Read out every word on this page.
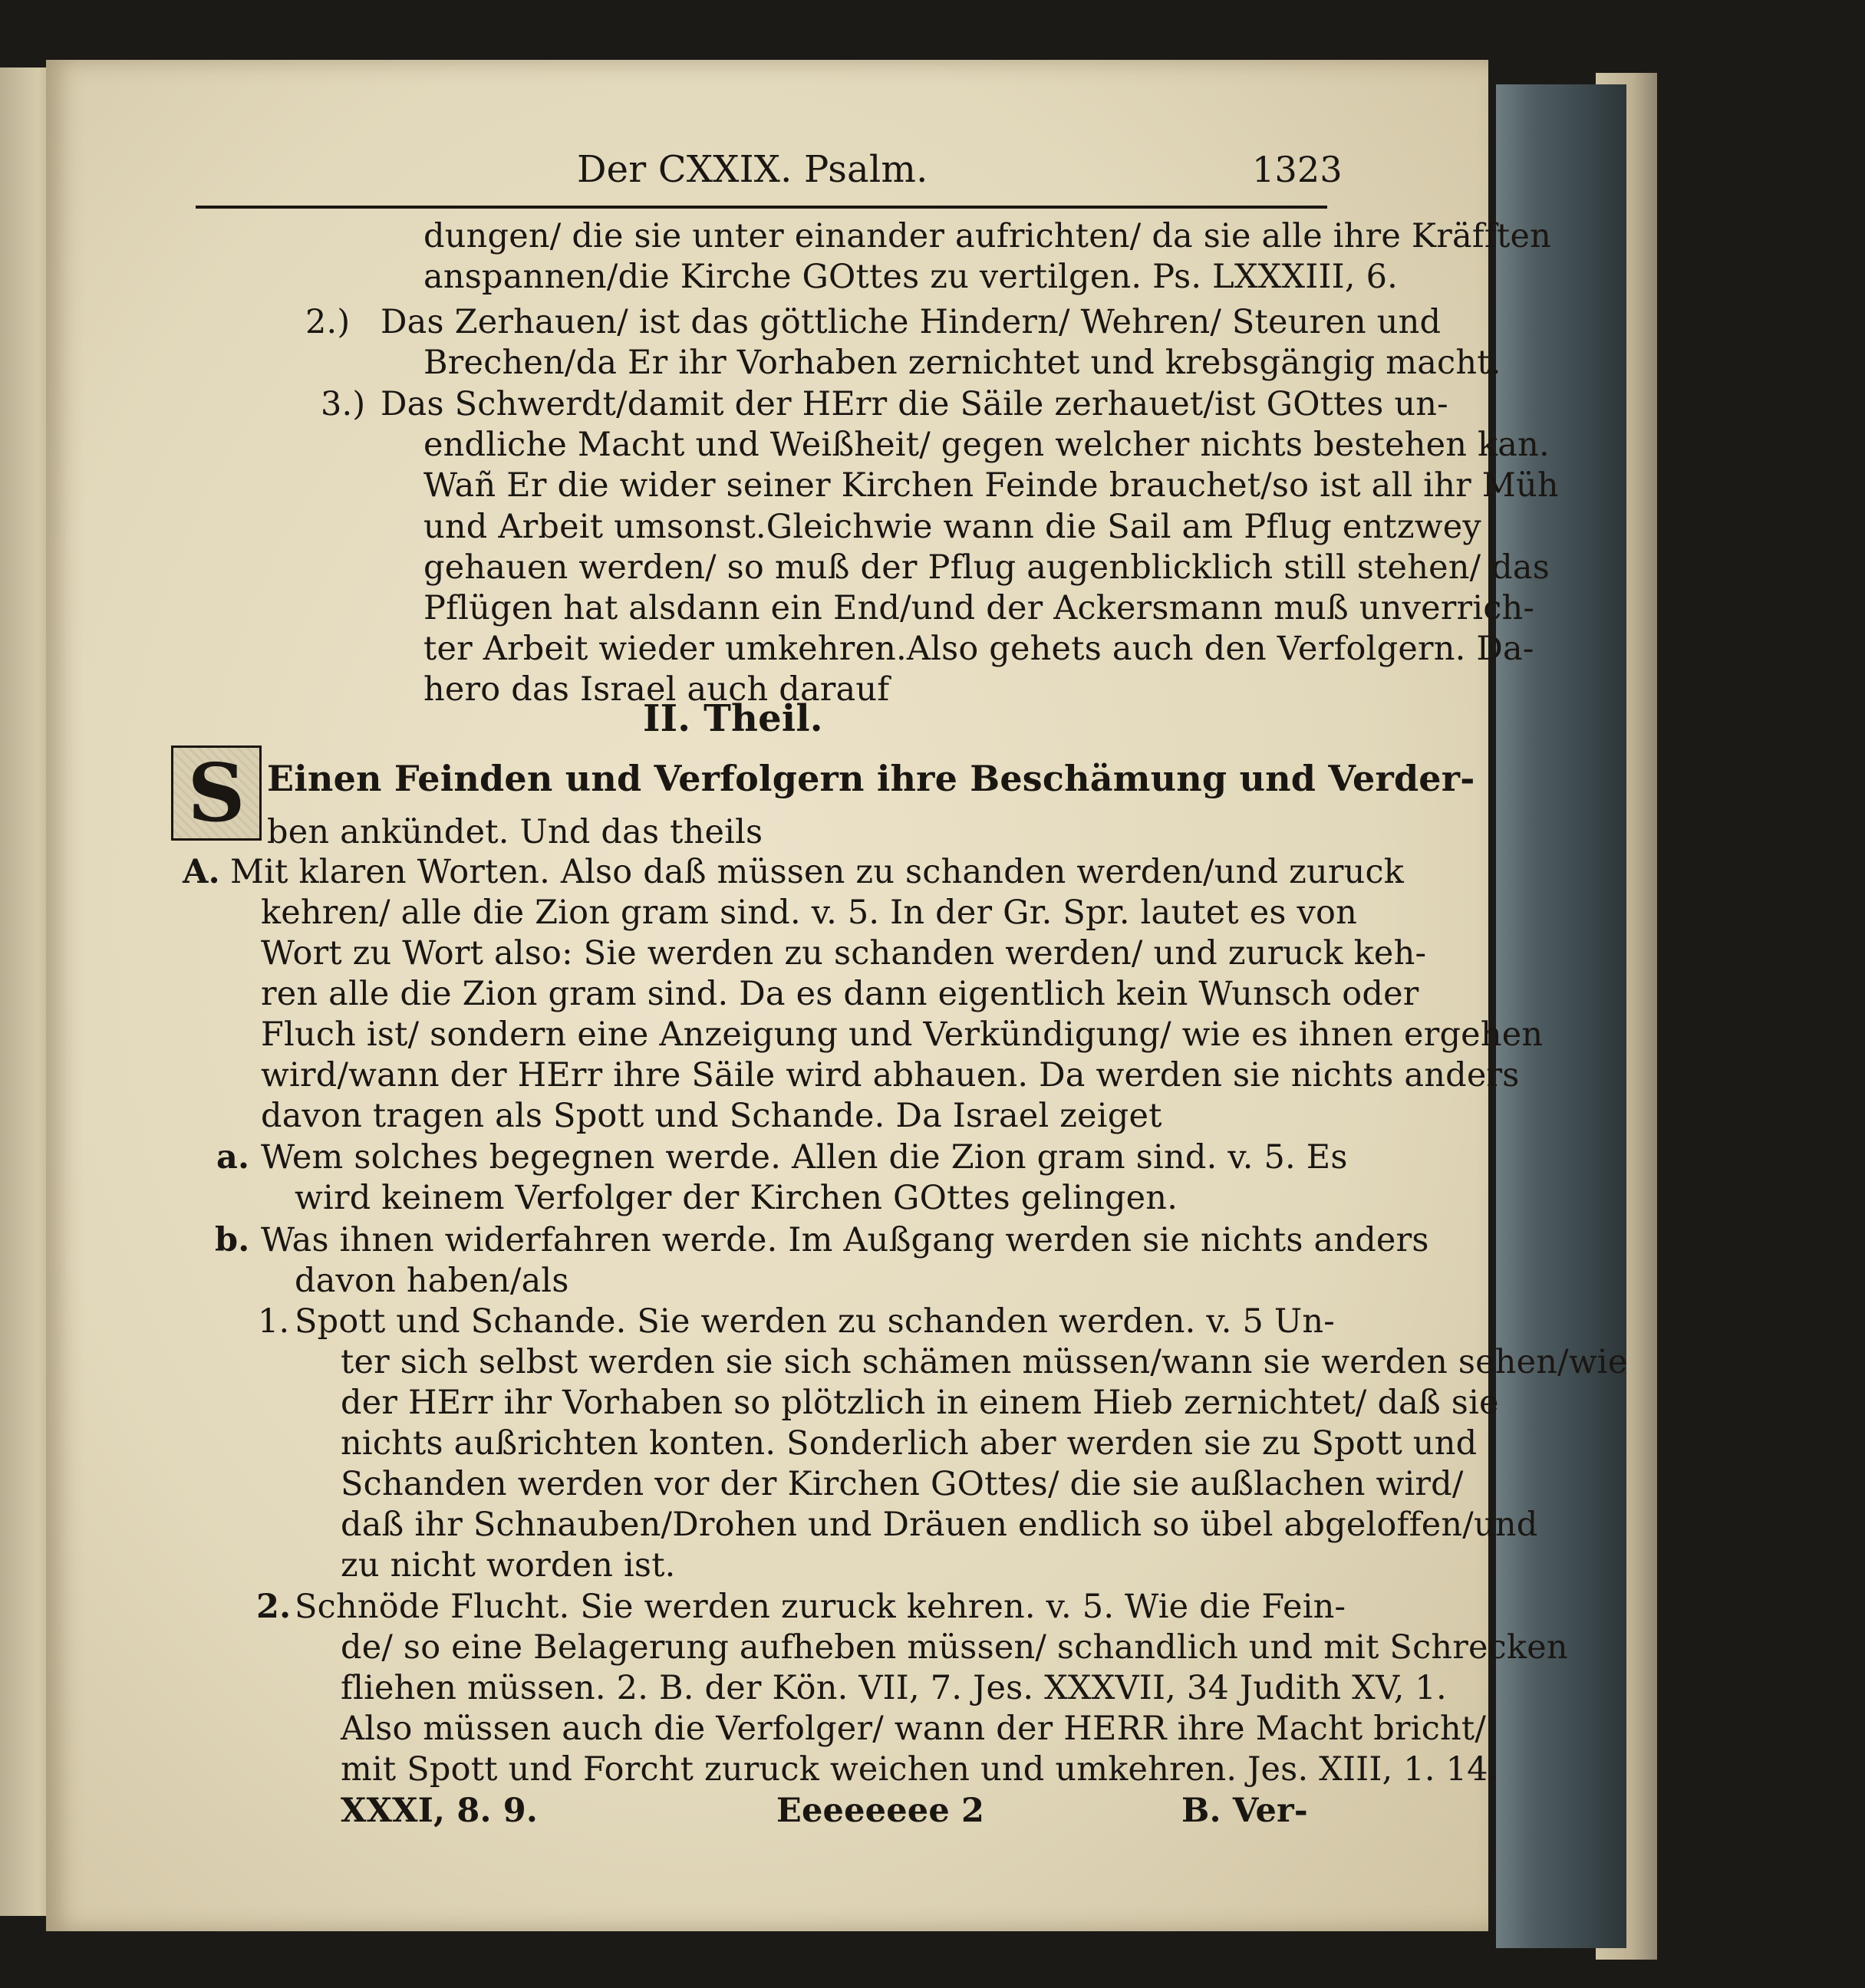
Der CXXIX. Psalm.	1323
dungen/ die sie unter einander aufrichten/ da sie alle ihre Kräfften
anspannen/die Kirche GOttes zu vertilgen. Ps. LXXXIII, 6.
2.) Das Zerhauen/ ist das göttliche Hindern/ Wehren/ Steuren und
Brechen/da Er ihr Vorhaben zernichtet und krebsgängig macht.
3.) Das Schwerdt/damit der HErr die Säile zerhauet/ist GOttes un-
endliche Macht und Weißheit/ gegen welcher nichts bestehen kan.
Wañ Er die wider seiner Kirchen Feinde brauchet/so ist all ihr Müh
und Arbeit umsonst.Gleichwie wann die Sail am Pflug entzwey
gehauen werden/ so muß der Pflug augenblicklich still stehen/ das
Pflügen hat alsdann ein End/und der Ackersmann muß unverrich-
ter Arbeit wieder umkehren.Also gehets auch den Verfolgern. Da-
hero das Israel auch darauf
II. Theil.
S Einen Feinden und Verfolgern ihre Beschämung und Verder-
ben ankündet. Und das theils
A. Mit klaren Worten. Also daß müssen zu schanden werden/und zuruck
kehren/ alle die Zion gram sind. v. 5. In der Gr. Spr. lautet es von
Wort zu Wort also: Sie werden zu schanden werden/ und zuruck keh-
ren alle die Zion gram sind. Da es dann eigentlich kein Wunsch oder
Fluch ist/ sondern eine Anzeigung und Verkündigung/ wie es ihnen ergehen
wird/wann der HErr ihre Säile wird abhauen. Da werden sie nichts anders
davon tragen als Spott und Schande. Da Israel zeiget
a. Wem solches begegnen werde. Allen die Zion gram sind. v. 5. Es
wird keinem Verfolger der Kirchen GOttes gelingen.
b. Was ihnen widerfahren werde. Im Außgang werden sie nichts anders
davon haben/als
1. Spott und Schande. Sie werden zu schanden werden. v. 5 Un-
ter sich selbst werden sie sich schämen müssen/wann sie werden sehen/wie
der HErr ihr Vorhaben so plötzlich in einem Hieb zernichtet/ daß sie
nichts außrichten konten. Sonderlich aber werden sie zu Spott und
Schanden werden vor der Kirchen GOttes/ die sie außlachen wird/
daß ihr Schnauben/Drohen und Dräuen endlich so übel abgeloffen/und
zu nicht worden ist.
2. Schnöde Flucht. Sie werden zuruck kehren. v. 5. Wie die Fein-
de/ so eine Belagerung aufheben müssen/ schandlich und mit Schrecken
fliehen müssen. 2. B. der Kön. VII, 7. Jes. XXXVII, 34 Judith XV, 1.
Also müssen auch die Verfolger/ wann der HERR ihre Macht bricht/
mit Spott und Forcht zuruck weichen und umkehren. Jes. XIII, 1. 14.
XXXI, 8. 9.	Eeeeeeee 2	B. Ver-
